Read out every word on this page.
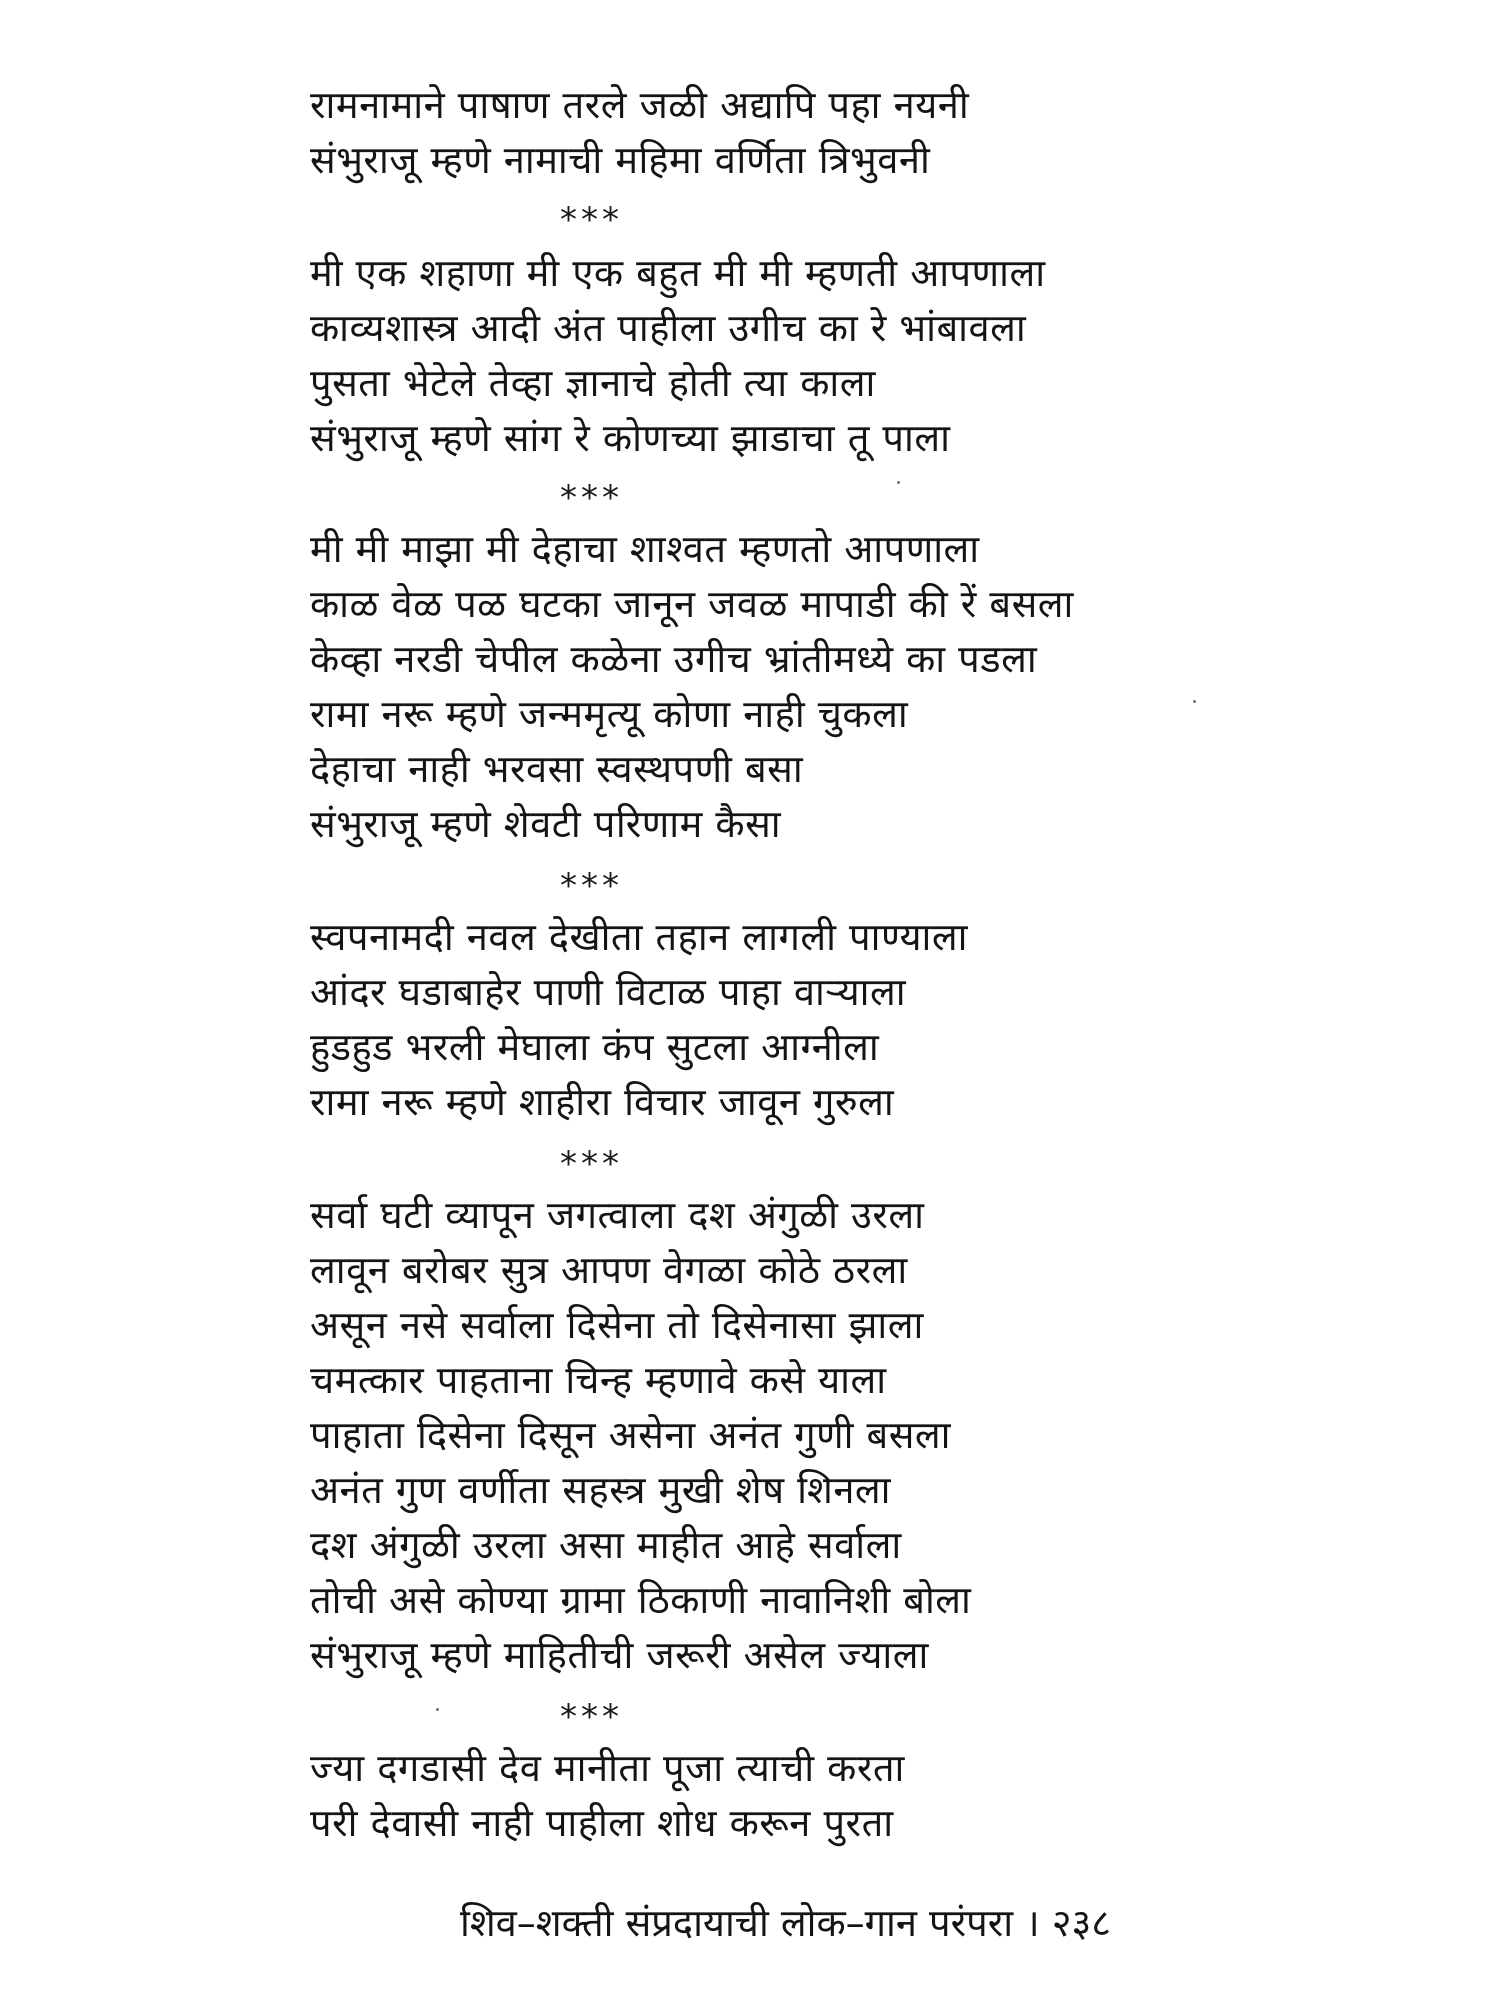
रामनामाने पाषाण तरले जळी अद्यापि पहा नयनी
संभुराजू म्हणे नामाची महिमा वर्णिता त्रिभुवनी
***
मी एक शहाणा मी एक बहुत मी मी म्हणती आपणाला
काव्यशास्त्र आदी अंत पाहीला उगीच का रे भांबावला
पुसता भेटेले तेव्हा ज्ञानाचे होती त्या काला
संभुराजू म्हणे सांग रे कोणच्या झाडाचा तू पाला
***
मी मी माझा मी देहाचा शाश्वत म्हणतो आपणाला
काळ वेळ पळ घटका जानून जवळ मापाडी की रें बसला
केव्हा नरडी चेपील कळेना उगीच भ्रांतीमध्ये का पडला
रामा नरू म्हणे जन्ममृत्यू कोणा नाही चुकला
देहाचा नाही भरवसा स्वस्थपणी बसा
संभुराजू म्हणे शेवटी परिणाम कैसा
***
स्वपनामदी नवल देखीता तहान लागली पाण्याला
आंदर घडाबाहेर पाणी विटाळ पाहा वाऱ्याला
हुडहुड भरली मेघाला कंप सुटला आग्नीला
रामा नरू म्हणे शाहीरा विचार जावून गुरुला
***
सर्वा घटी व्यापून जगत्वाला दश अंगुळी उरला
लावून बरोबर सुत्र आपण वेगळा कोठे ठरला
असून नसे सर्वाला दिसेना तो दिसेनासा झाला
चमत्कार पाहताना चिन्ह म्हणावे कसे याला
पाहाता दिसेना दिसून असेना अनंत गुणी बसला
अनंत गुण वर्णीता सहस्त्र मुखी शेष शिनला
दश अंगुळी उरला असा माहीत आहे सर्वाला
तोची असे कोण्या ग्रामा ठिकाणी नावानिशी बोला
संभुराजू म्हणे माहितीची जरूरी असेल ज्याला
***
ज्या दगडासी देव मानीता पूजा त्याची करता
परी देवासी नाही पाहीला शोध करून पुरता
शिव–शक्ती संप्रदायाची लोक–गान परंपरा । २३८
